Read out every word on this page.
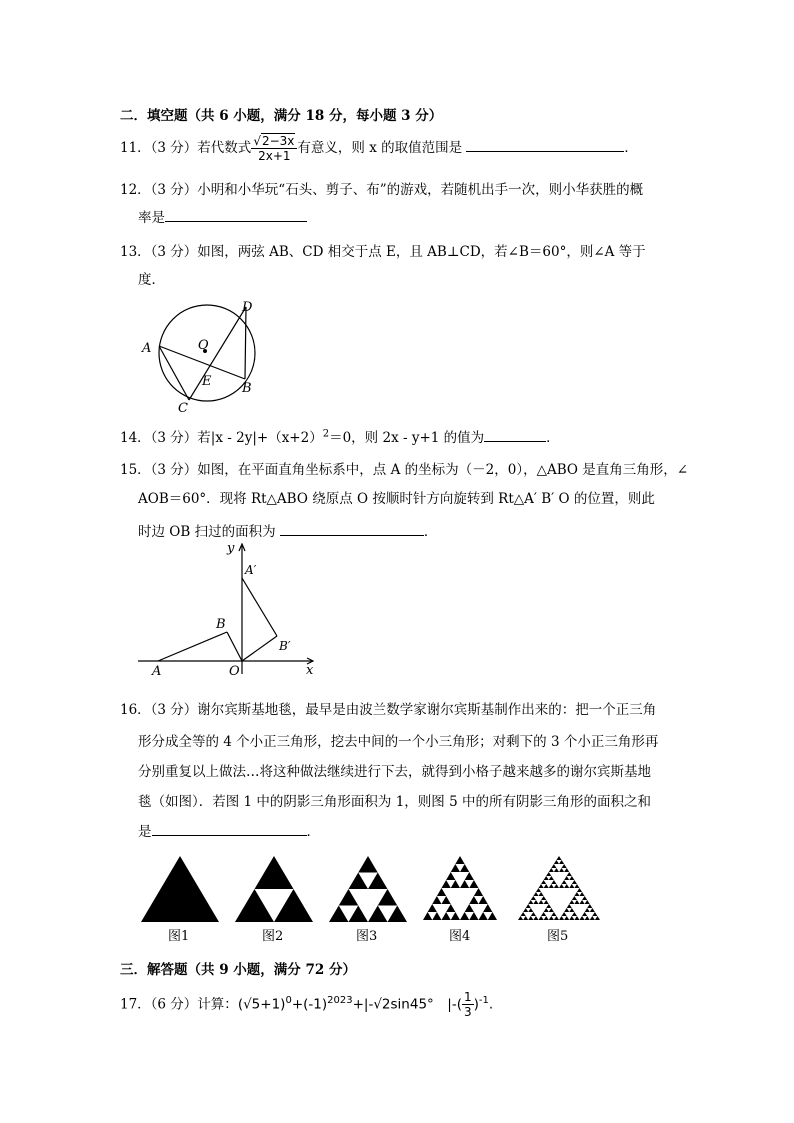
二．填空题（共 6 小题，满分 18 分，每小题 3 分）
11．（3 分）若代数式 $\frac{√2-3x}{2x+1}$ 有意义，则 x 的取值范围是	．
12．（3 分）小明和小华玩“石头、剪子、布”的游戏，若随机出手一次，则小华获胜的概
率是
13．（3 分）如图，两弦 AB、CD 相交于点 E，且 AB⊥CD，若∠B＝60°，则∠A 等于
度．
A
B
C
D
E
O
14．（3 分）若$|x - 2y|+(x+2)^2=0$，则 2x - y+1 的值为	．
15．（3 分）如图，在平面直角坐标系中，点 A 的坐标为（－2，0），△ABO 是直角三角形，∠
AOB＝60°．现将 Rt△ABO 绕原点 O 按顺时针方向旋转到 Rt△A′ B′ O 的位置，则此
时边 OB 扫过的面积为	．
y
x
A
B
O
A′
B′
16．（3 分）谢尔宾斯基地毯，最早是由波兰数学家谢尔宾斯基制作出来的：把一个正三角
形分成全等的 4 个小正三角形，挖去中间的一个小三角形；对剩下的 3 个小正三角形再
分别重复以上做法…将这种做法继续进行下去，就得到小格子越来越多的谢尔宾斯基地
毯（如图）．若图 1 中的阴影三角形面积为 1，则图 5 中的所有阴影三角形的面积之和
是	．
图1	图2	图3	图4	图5
三．解答题（共 9 小题，满分 72 分）
17．（6 分）计算：$(√5+1)^0+(-1)^{2023}+|-√2\sin 45^\circ$　|-( $\frac{1}{3} )^{-1}$.
